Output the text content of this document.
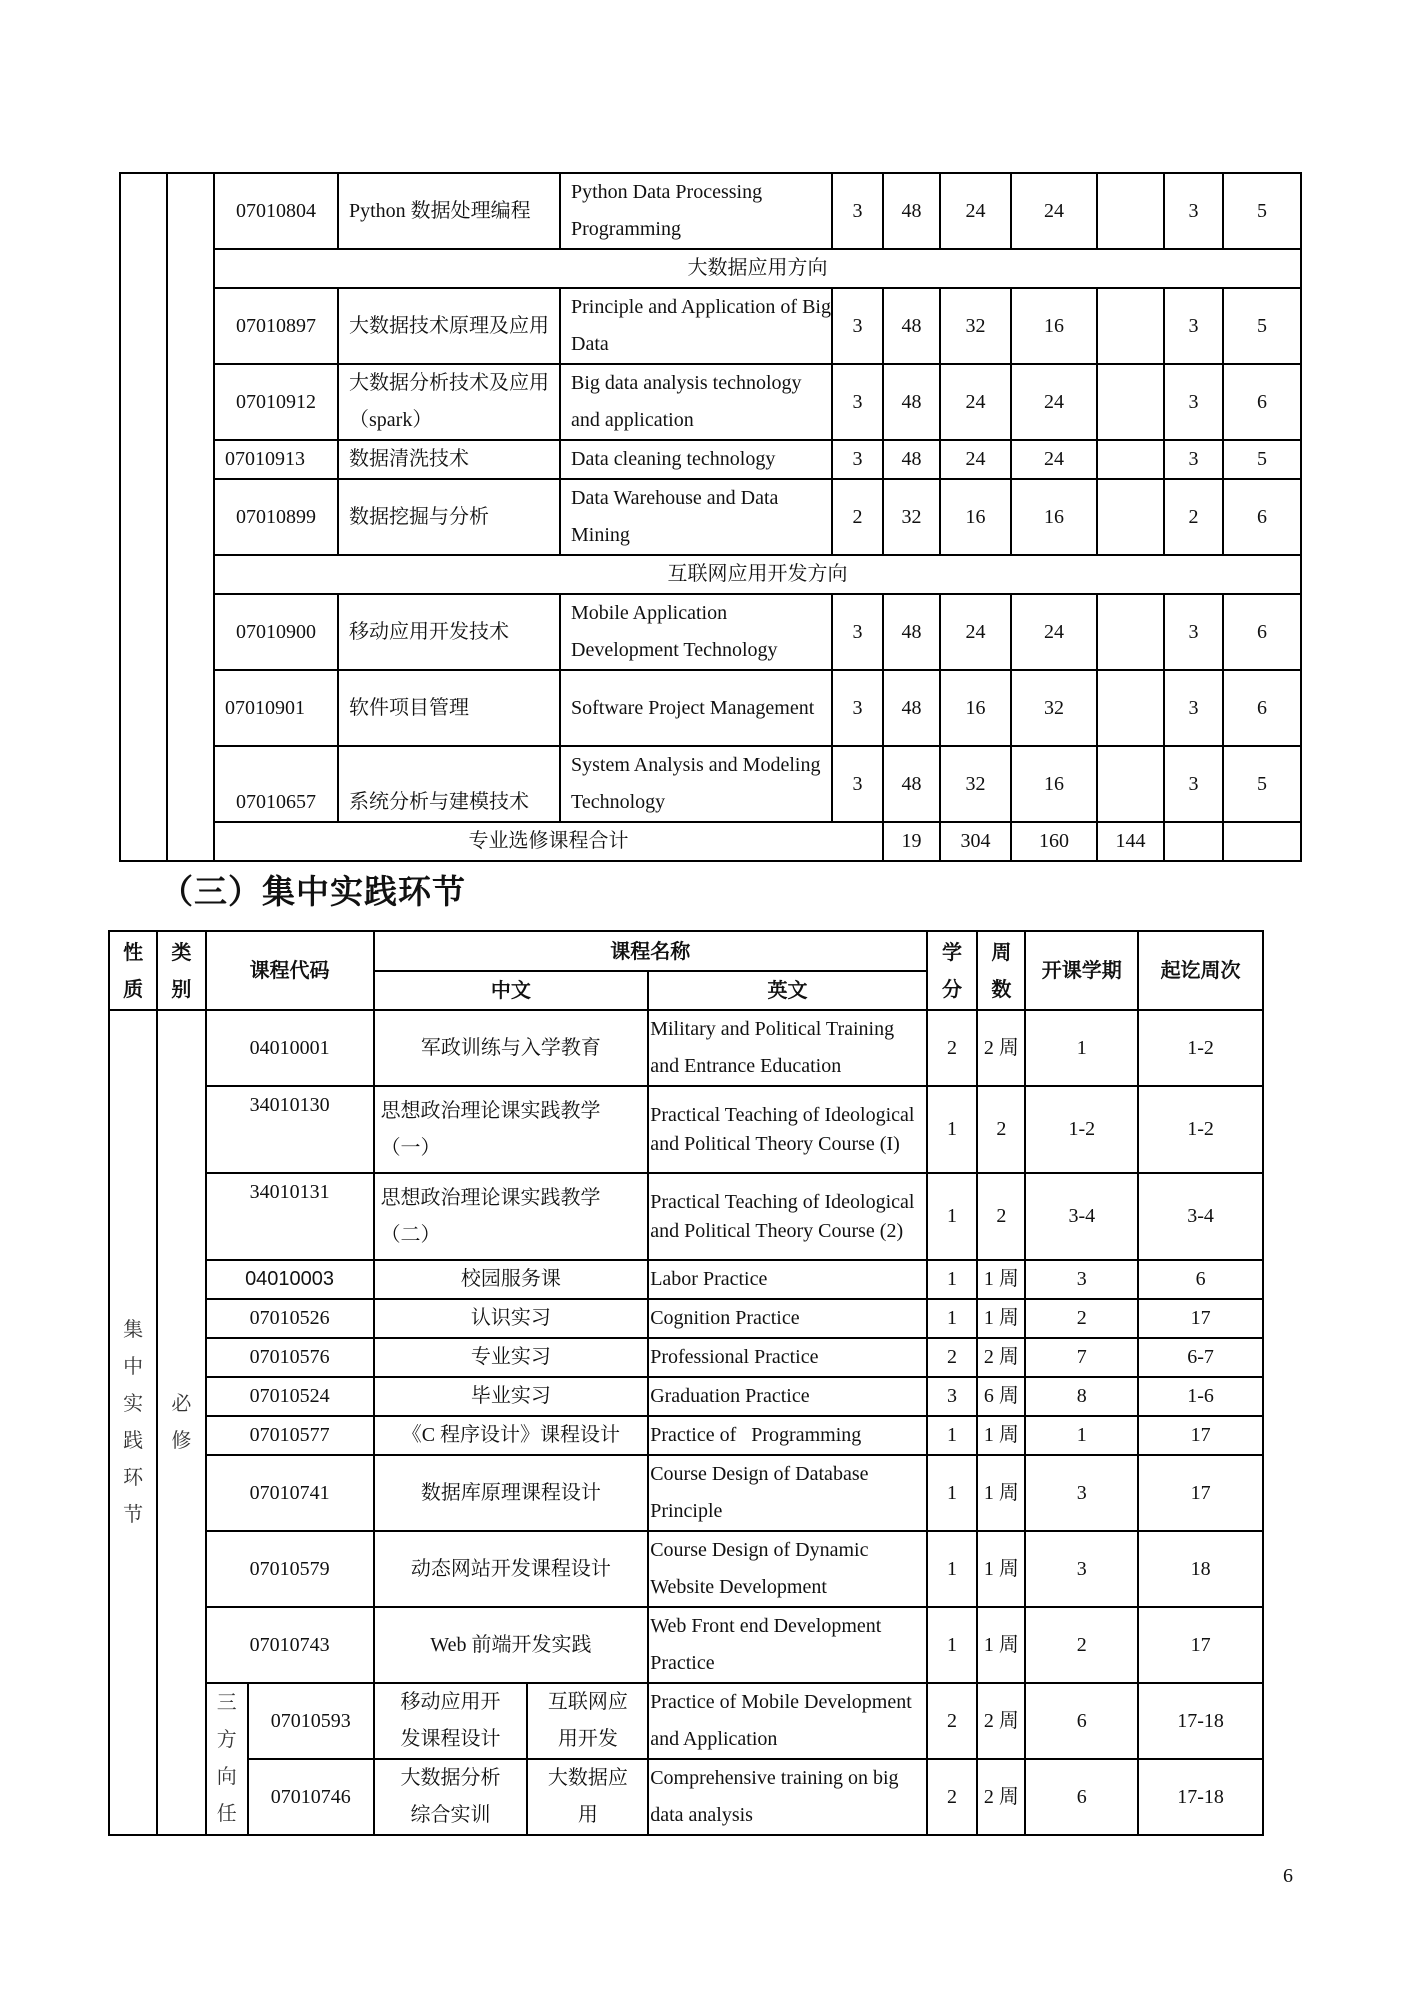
		07010804	Python 数据处理编程	Python Data Processing Programming	3	48	24	24		3	5	
		大数据应用方向										
		07010897	大数据技术原理及应用	Principle and Application of Big Data	3	48	32	16		3	5	
		07010912	大数据分析技术及应用（spark）	Big data analysis technology and application	3	48	24	24		3	6	
		07010913	数据清洗技术	Data cleaning technology	3	48	24	24		3	5	
		07010899	数据挖掘与分析	Data Warehouse and Data Mining	2	32	16	16		2	6	
		互联网应用开发方向										
		07010900	移动应用开发技术	Mobile Application Development Technology	3	48	24	24		3	6	
		07010901	软件项目管理	Software Project Management	3	48	16	32		3	6	
		07010657	系统分析与建模技术	System Analysis and Modeling Technology	3	48	32	16		3	5	
		专业选修课程合计				19	304	160	144			
（三）集中实践环节
性质	类别	课程代码		课程名称			学分	周数	开课学期	起讫周次
				中文		英文				
集中实践环节	必修	04010001		军政训练与入学教育		Military and Political Training and Entrance Education	2	2 周	1	1-2
		34010130		思想政治理论课实践教学（一）		Practical Teaching of Ideological and Political Theory Course (I)	1	2	1-2	1-2
		34010131		思想政治理论课实践教学（二）		Practical Teaching of Ideological and Political Theory Course (2)	1	2	3-4	3-4
		04010003		校园服务课		Labor Practice	1	1 周	3	6
		07010526		认识实习		Cognition Practice	1	1 周	2	17
		07010576		专业实习		Professional Practice	2	2 周	7	6-7
		07010524		毕业实习		Graduation Practice	3	6 周	8	1-6
		07010577		《C 程序设计》课程设计		Practice of   Programming	1	1 周	1	17
		07010741		数据库原理课程设计		Course Design of Database Principle	1	1 周	3	17
		07010579		动态网站开发课程设计		Course Design of Dynamic Website Development	1	1 周	3	18
		07010743		Web 前端开发实践		Web Front end Development Practice	1	1 周	2	17
		三方向任	07010593	移动应用开发课程设计	互联网应用开发	Practice of Mobile Development and Application	2	2 周	6	17-18
			07010746	大数据分析综合实训	大数据应用	Comprehensive training on big data analysis	2	2 周	6	17-18
6
